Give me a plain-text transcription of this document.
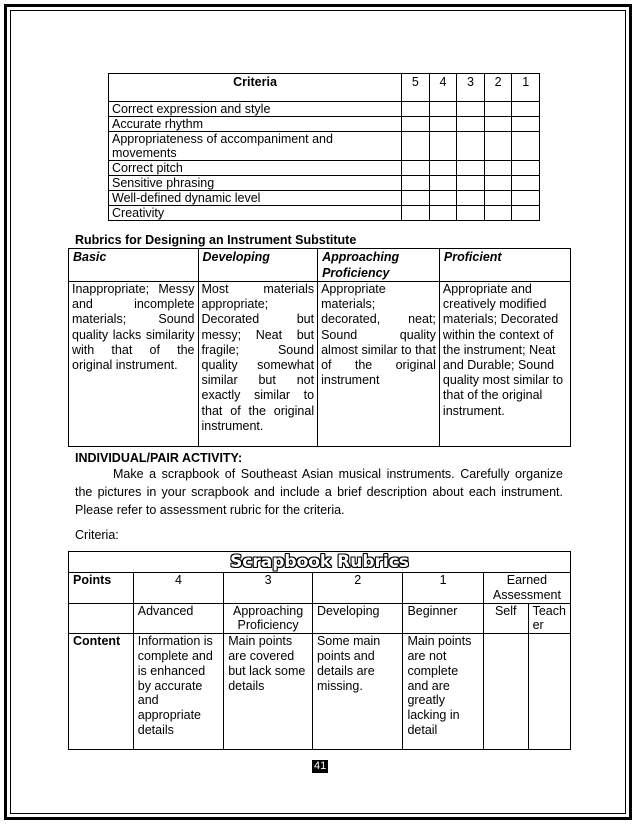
Criteria	5	4	3	2	1
Correct expression and style					
Accurate rhythm					
Appropriateness of accompaniment and movements					
Correct pitch					
Sensitive phrasing					
Well-defined dynamic level					
Creativity					
Rubrics for Designing an Instrument Substitute
Basic	Developing	Approaching Proficiency	Proficient
Inappropriate; Messy and incomplete materials; Sound quality lacks similarity with that of the original instrument.	Most materials appropriate; Decorated but messy; Neat but fragile; Sound quality somewhat similar but not exactly similar to that of the original instrument.	Appropriate materials; decorated, neat; Sound quality almost similar to that of the original instrument	Appropriate and creatively modified materials; Decorated within the context of the instrument; Neat and Durable; Sound quality most similar to that of the original instrument.
INDIVIDUAL/PAIR ACTIVITY:
Make a scrapbook of Southeast Asian musical instruments. Carefully organize the pictures in your scrapbook and include a brief description about each instrument. Please refer to assessment rubric for the criteria.
Criteria:
Scrapbook Rubrics						
Points	4	3	2	1	Earned Assessment	
	Advanced	Approaching Proficiency	Developing	Beginner	Self	Teach er
Content	Information is complete and is enhanced by accurate and appropriate details	Main points are covered but lack some details	Some main points and details are missing.	Main points are not complete and are greatly lacking in detail		
41
